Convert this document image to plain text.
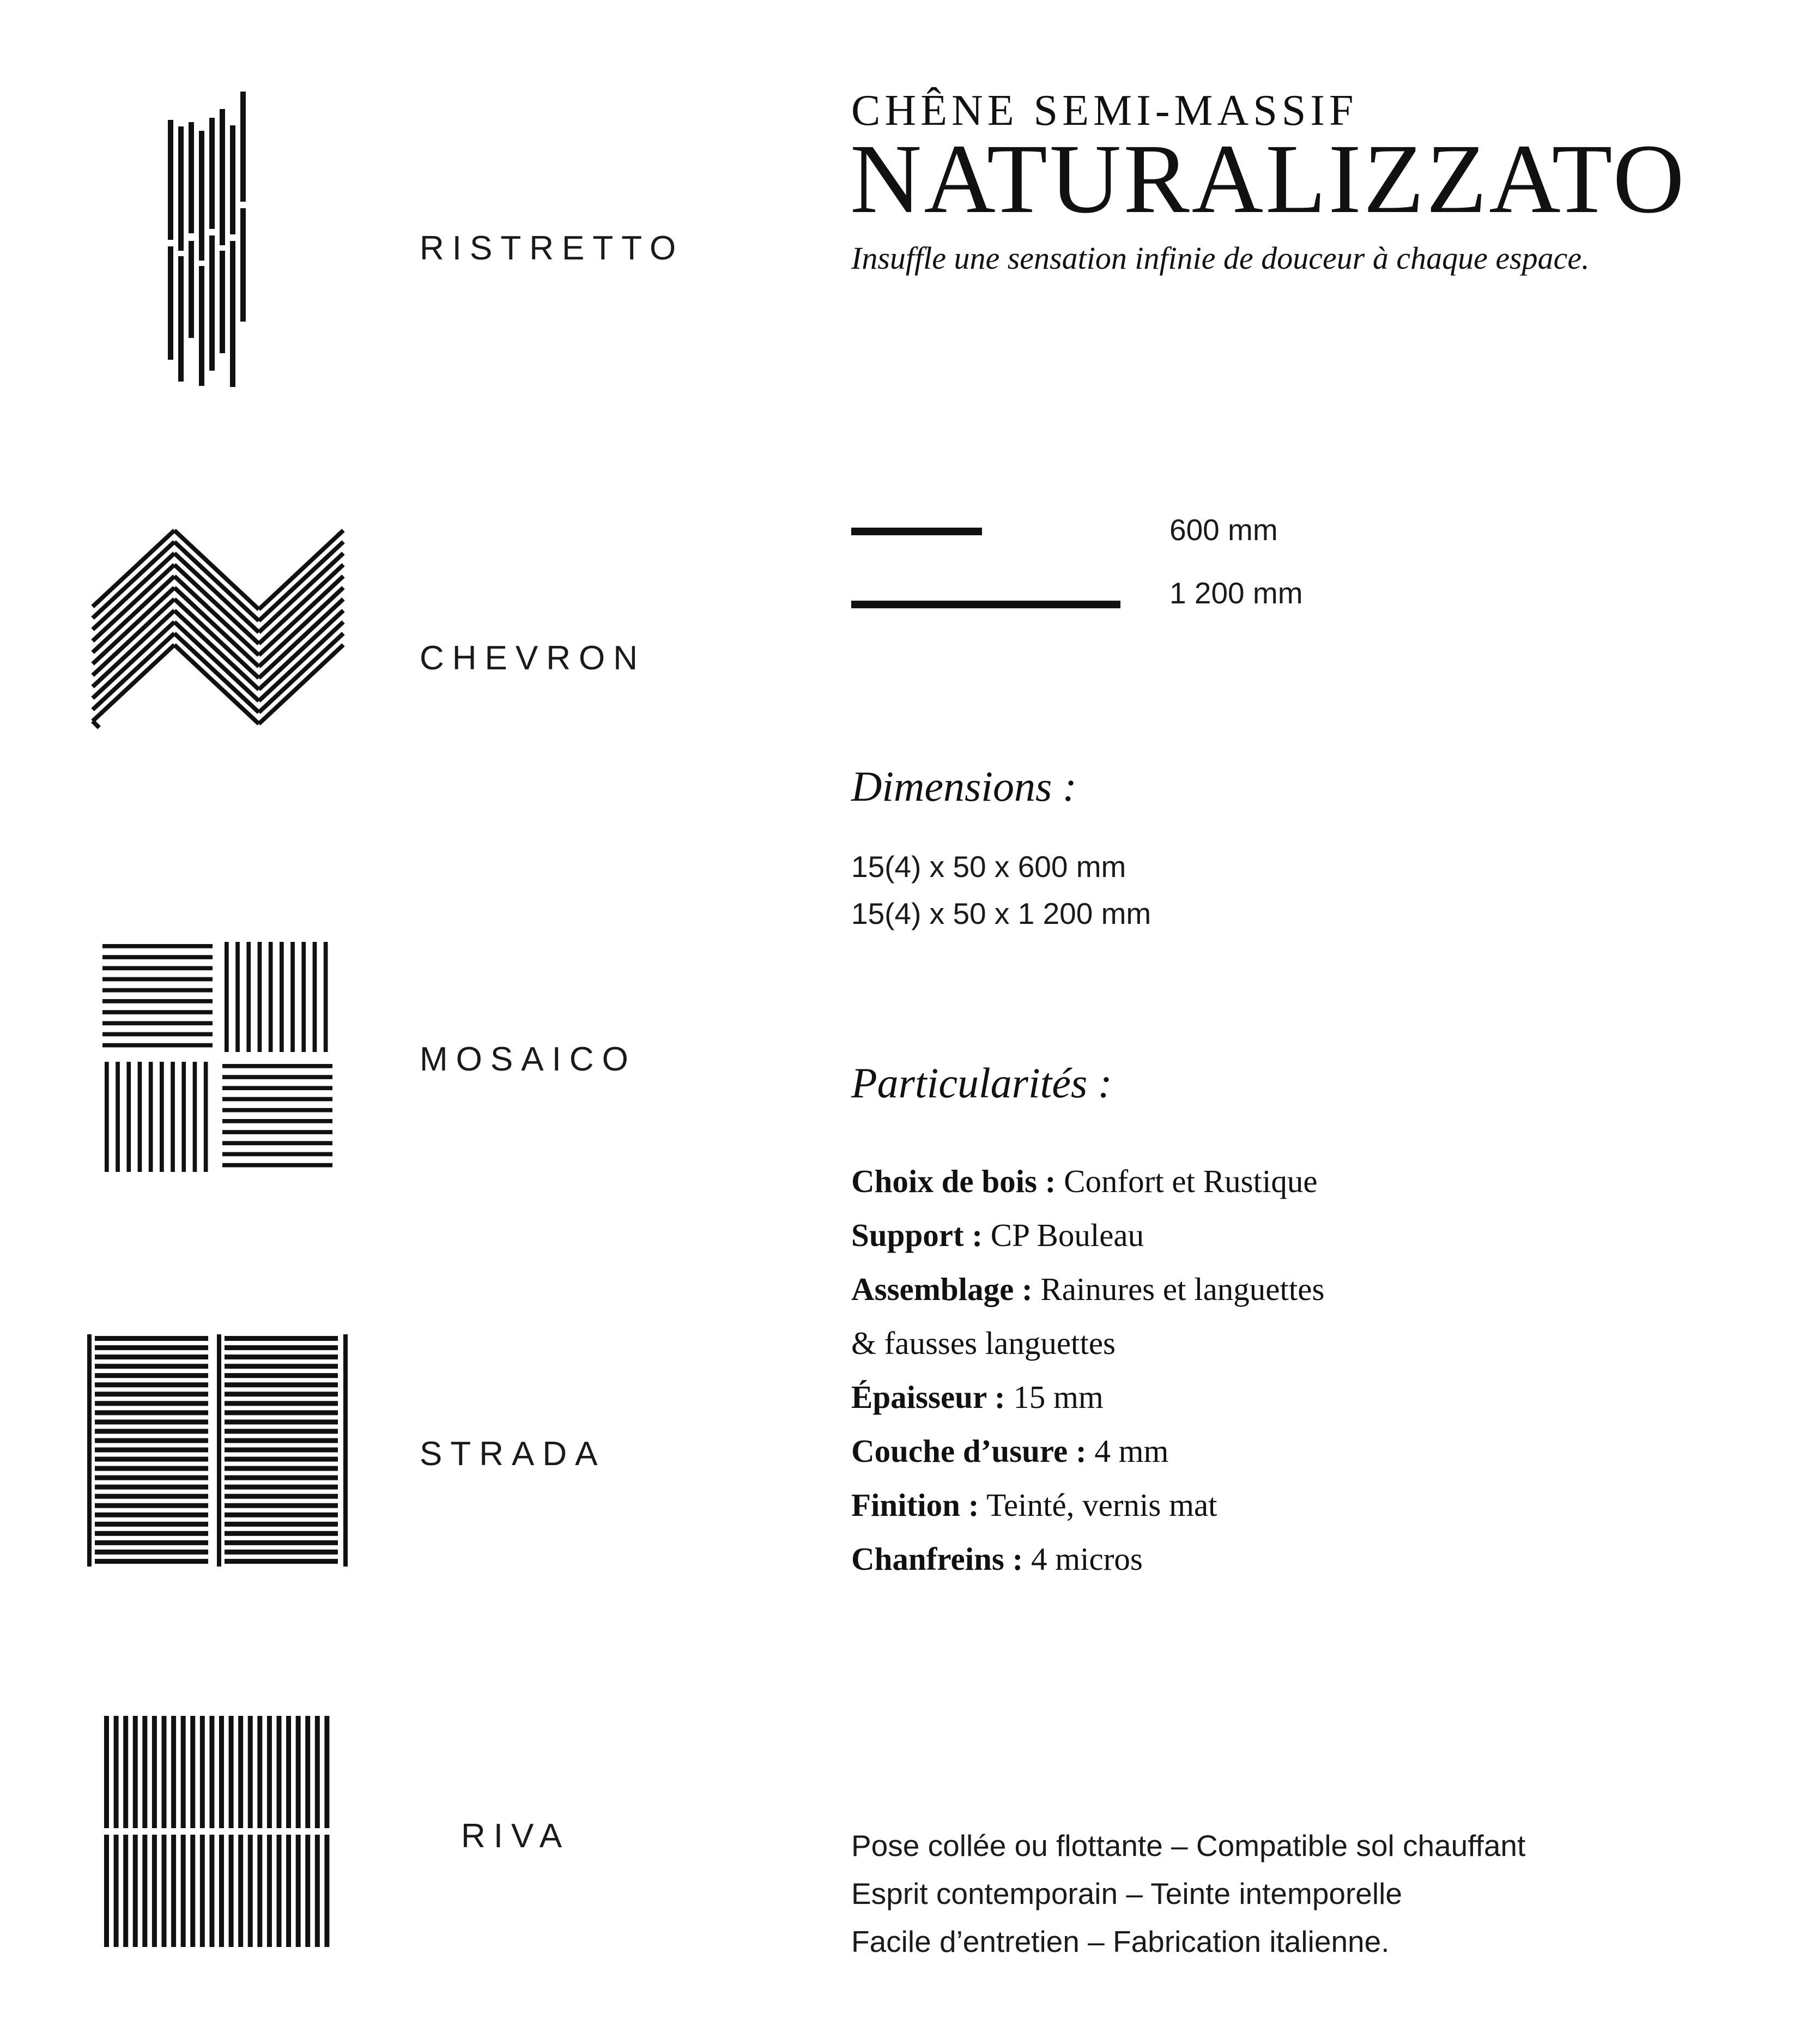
RISTRETTO
CHEVRON
MOSAICO
STRADA
RIVA
CHÊNE SEMI-MASSIF
NATURALIZZATO
Insuffle une sensation infinie de douceur à chaque espace.
600 mm
1 200 mm
Dimensions :
15(4) x 50 x 600 mm
15(4) x 50 x 1 200 mm
Particularités :
Choix de bois : Confort et Rustique
Support : CP Bouleau
Assemblage : Rainures et languettes
& fausses languettes
Épaisseur : 15 mm
Couche d’usure : 4 mm
Finition : Teinté, vernis mat
Chanfreins : 4 micros
Pose collée ou flottante – Compatible sol chauffant
Esprit contemporain – Teinte intemporelle
Facile d’entretien – Fabrication italienne.
